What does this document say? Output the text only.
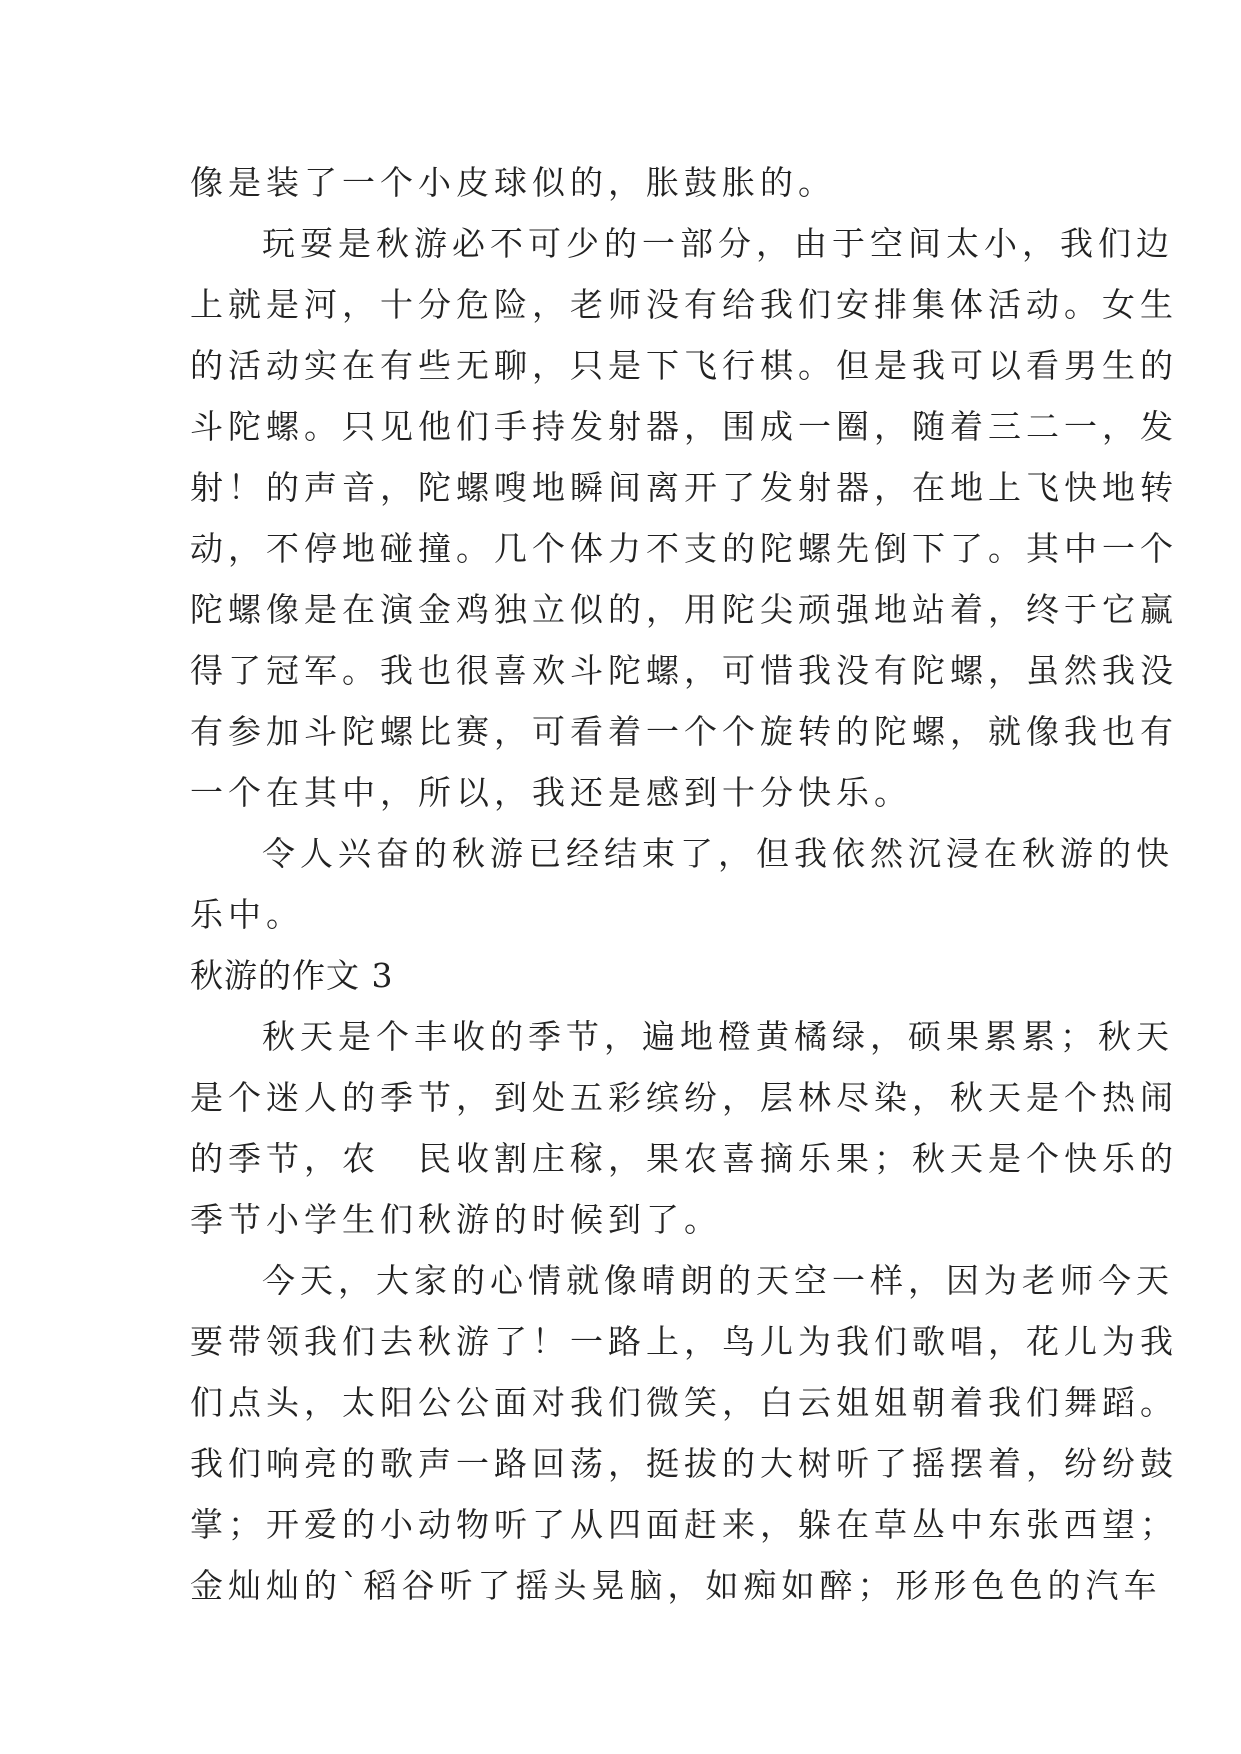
像是装了一个小皮球似的，胀鼓胀的。
玩耍是秋游必不可少的一部分，由于空间太小，我们边
上就是河，十分危险，老师没有给我们安排集体活动。女生
的活动实在有些无聊，只是下飞行棋。但是我可以看男生的
斗陀螺。只见他们手持发射器，围成一圈，随着三二一，发
射！的声音，陀螺嗖地瞬间离开了发射器，在地上飞快地转
动，不停地碰撞。几个体力不支的陀螺先倒下了。其中一个
陀螺像是在演金鸡独立似的，用陀尖顽强地站着，终于它赢
得了冠军。我也很喜欢斗陀螺，可惜我没有陀螺，虽然我没
有参加斗陀螺比赛，可看着一个个旋转的陀螺，就像我也有
一个在其中，所以，我还是感到十分快乐。
令人兴奋的秋游已经结束了，但我依然沉浸在秋游的快
乐中。
秋游的作文 3
秋天是个丰收的季节，遍地橙黄橘绿，硕果累累；秋天
是个迷人的季节，到处五彩缤纷，层林尽染，秋天是个热闹
的季节，农　民收割庄稼，果农喜摘乐果；秋天是个快乐的
季节小学生们秋游的时候到了。
今天，大家的心情就像晴朗的天空一样，因为老师今天
要带领我们去秋游了！一路上，鸟儿为我们歌唱，花儿为我
们点头，太阳公公面对我们微笑，白云姐姐朝着我们舞蹈。
我们响亮的歌声一路回荡，挺拔的大树听了摇摆着，纷纷鼓
掌；开爱的小动物听了从四面赶来，躲在草丛中东张西望；
金灿灿的`稻谷听了摇头晃脑，如痴如醉；形形色色的汽车
